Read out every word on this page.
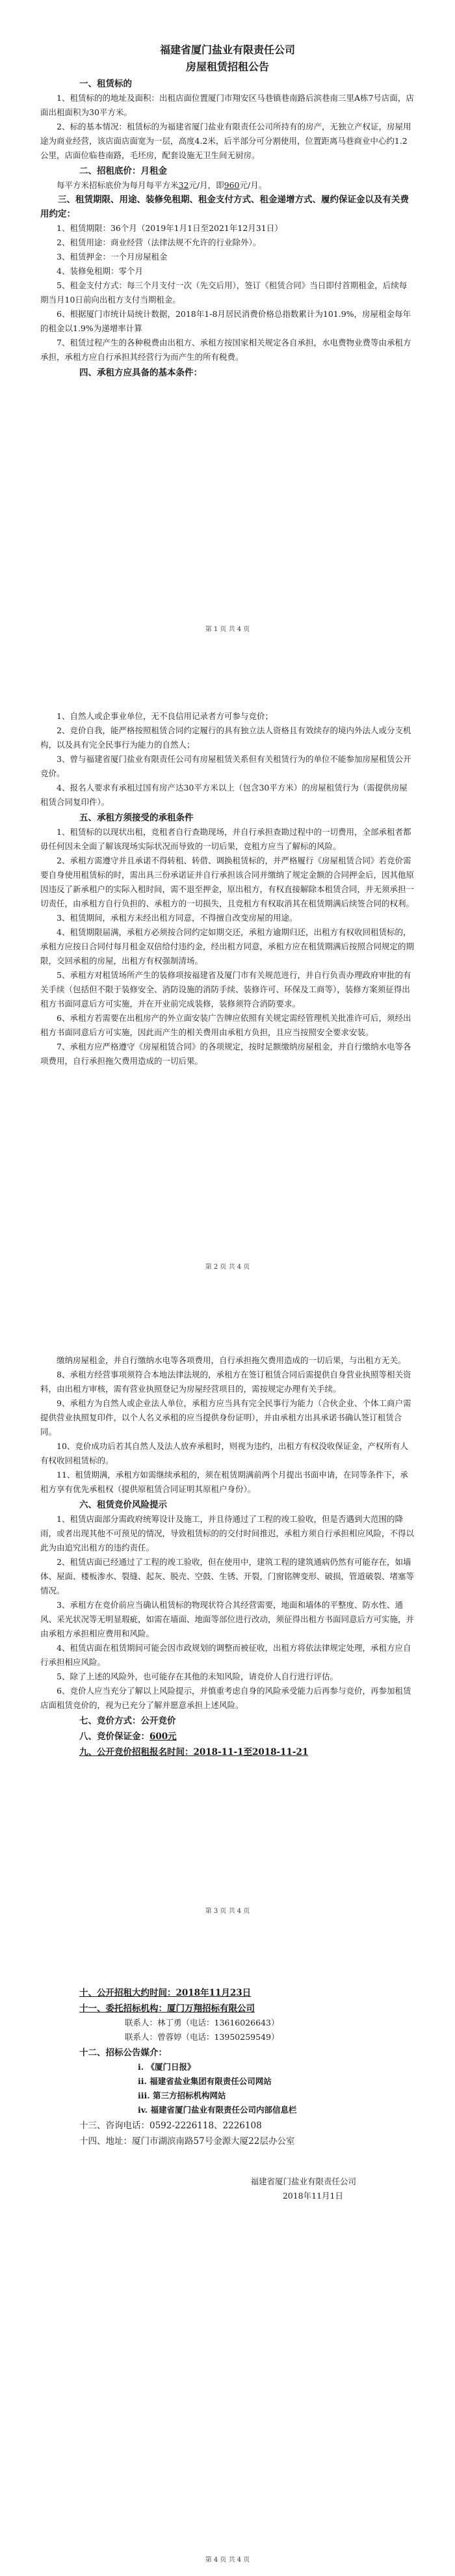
福建省厦门盐业有限责任公司
房屋租赁招租公告
一、租赁标的

1、租赁标的的地址及面积：出租店面位置厦门市翔安区马巷镇巷南路后滨巷南三里A栋7号店面，店面出租面积为30平方米。

2、标的基本情况：租赁标的为福建省厦门盐业有限责任公司所持有的房产，无独立产权证，房屋用途为商业经营，该店面店面宽为一层，高度4.2米，后半部分可分割使用，位置距离马巷商业中心约1.2公里，店面位临巷南路，毛坯房，配套设施无卫生间无厨房。

二、招租底价：月租金

每平方米招标底价为每月每平方米32元/月，即960元/月。

三、租赁期限、用途、装修免租期、租金支付方式、租金递增方式、履约保证金以及有关费用约定：

1、租赁期限：36个月（2019年1月1日至2021年12月31日）

2、租赁用途：商业经营（法律法规不允许的行业除外）。

3、租赁押金：一个月房屋租金

4、装修免租期：零个月

5、租金支付方式：每三个月支付一次（先交后用），签订《租赁合同》当日即付首期租金，后续每期当月10日前向出租方支付当期租金。

6、根据厦门市统计局统计数据，2018年1-8月居民消费价格总指数累计为101.9%，房屋租金每年的租金以1.9%为递增率计算

7、租赁过程产生的各种税费由出租方、承租方按国家相关规定各自承担，水电费物业费等由承租方承担，承租方应自行承担其经营行为而产生的所有税费。

四、承租方应具备的基本条件：
第 1 页 共 4 页

1、自然人或企事业单位，无不良信用记录者方可参与竞价；

2、竞价自我，能严格按照租赁合同约定履行的具有独立法人资格且有效续存的境内外法人或分支机构，以及具有完全民事行为能力的自然人；

3、曾与福建省厦门盐业有限责任公司有房屋租赁关系但有关租赁行为的单位不能参加房屋租赁公开竞价。

4、报名人要求有承租过国有房产达30平方米以上（包含30平方米）的房屋租赁行为（需提供房屋租赁合同复印件）。

五、承租方须接受的承租条件

1、租赁标的以现状出租，竞租者自行查勘现场，并自行承担查勘过程中的一切费用，全部承租者都毋任何因未全面了解该现场实际状况而导致的一切后果，竞租方应当了解标的风险。

2、承租方需遵守并且承诺不得转租、转借、调换租赁标的，并严格履行《房屋租赁合同》若竞价需要自身使用租赁标的时，需出具三份承诺证并自行承担该合同并缴纳了规定金额的合同押金后，因其他原因违反了新承租户的实际入租时间，需不退至押金，原出租方，有权直接解除本租赁合同，并无须承担一切责任，由承租方自行负担的、承租方的一切损失，且竞租方有权取消其在租赁期满后续签合同的权利。

3、租赁期间，承租方未经出租方同意，不得擅自改变房屋的用途。

4、租赁期限届满，承租方必须按合同约定如期交还，承租方逾期归还，出租方有权收回租赁标的，承租方应按日合同付每月租金双倍给付违约金，经出租方同意，承租方应在租赁期满后按照合同规定的期限，交回承租的房屋，出租方有权强制清场。

5、承租方对租赁场所产生的装修项按福建省及厦门市有关规范进行，并自行负责办理政府审批的有关手续（包括但不限于装修安全、消防设施的消防手续、装修许可、环保及工商等），装修方案须征得出租方书面同意后方可实施，并在开业前完成装修，装修须符合消防要求。

6、承租方若需要在出租房产的外立面安装广告牌应依照有关规定需经管理机关批准许可后，须经出租方书面同意后方可实施，因此而产生的相关费用由承租方负担，且应当按照安全要求安装。

7、承租方应严格遵守《房屋租赁合同》的各项规定，按时足额缴纳房屋租金，并自行缴纳水电等各项费用，自行承担拖欠费用造成的一切后果。

第 2 页 共 4 页

缴纳房屋租金，并自行缴纳水电等各项费用，自行承担拖欠费用造成的一切后果，与出租方无关。

8、承租方经营事项须符合本地法律法规的，承租方在签订租赁合同后需提供自身营业执照等相关资料，由出租方审核，需有营业执照登记为房屋经营项目的，需按规定办理有关手续。

9、承租方为自然人或企业法人单位，承租方应当具有完全民事行为能力（合伙企业、个体工商户需提供营业执照复印件，以个人名义承租的应当提供身份证明），并由承租方出具承诺书确认签订租赁合同。

10、竞价成功后若其自然人及法人放弃承租时，则视为违约，出租方有权没收保证金，产权所有人有权收回租赁标的。

11、租赁期满，承租方如需继续承租的，须在租赁期满前两个月提出书面申请，在同等条件下，承租方享有优先承租权（提供原租赁合同证明其原租户身份）。

六、租赁竞价风险提示

1、租赁店面部分需政府统筹设计及施工，并且待通过了工程的竣工验收，但是否遇到大范围的降雨，或者出现其他不可预见的情况，导致租赁标的的交付时间推迟，承租方须自行承担相应风险，不得以此为由追究出租方的违约责任。

2、租赁店面已经通过了工程的竣工验收，但在使用中，建筑工程的建筑通病仍然有可能存在，如墙体、屋面、楼板渗水、裂缝、起灰、脱壳、空鼓、生锈、开裂，门窗铭牌变形、破损，管道破裂、堵塞等情况。

3、承租方在竞价前应当确认租赁标的物现状符合其经营需要，地面和墙体的平整度、防水性、通风、采光状况等无明显瑕疵，如需在墙面、地面等部位进行改动，须征得出租方书面同意后方可实施，并由承租方承担相应费用和风险。

4、租赁店面在租赁期间可能会因市政规划的调整而被征收，出租方将依法律规定处理，承租方应自行承担相应风险。

5、除了上述的风险外，也可能存在其他的未知风险，请竞价人自行进行评估。

6、竞价人应当充分了解以上风险提示，并慎重考虑自身的风险承受能力后再参与竞价，再参加租赁店面租赁竞价的，视为已充分了解并愿意承担上述风险。

七、竞价方式：公开竞价
八、竞价保证金：600元
九、公开竞价招租报名时间：2018-11-1至2018-11-21
第 3 页 共 4 页
十、公开招租大约时间：2018年11月23日
十一、委托招标机构：厦门万翔招标有限公司

联系人：林丁勇（电话：13616026643）

联系人：曾蓉婷（电话：13950259549）

十二、招标公告媒介：
i. 《厦门日报》
ii. 福建省盐业集团有限责任公司网站
iii. 第三方招标机构网站
iv. 福建省厦门盐业有限责任公司内部信息栏
十三、咨询电话：0592-2226118、2226108
十四、地址：厦门市湖滨南路57号金源大厦22层办公室
福建省厦门盐业有限责任公司
2018年11月1日
第 4 页 共 4 页
